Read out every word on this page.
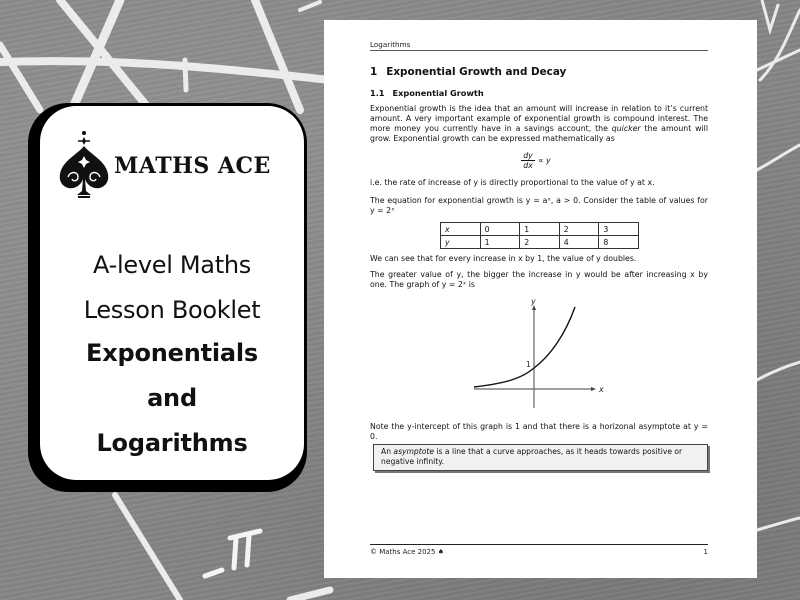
MATHS ACE
A-level Maths
Lesson Booklet
Exponentials
and
Logarithms
Logarithms
1 Exponential Growth and Decay
1.1 Exponential Growth
Exponential growth is the idea that an amount will increase in relation to it’s current amount. A very important example of exponential growth is compound interest. The more money you currently have in a savings account, the quicker the amount will grow. Exponential growth can be expressed mathematically as
dy
dx
∝ y
i.e. the rate of increase of y is directly proportional to the value of y at x.
The equation for exponential growth is y = aˣ, a > 0. Consider the table of values for y = 2ˣ
x	0	1	2	3
y	1	2	4	8
We can see that for every increase in x by 1, the value of y doubles.
The greater value of y, the bigger the increase in y would be after increasing x by one. The graph of y = 2ˣ is
x
y
1
Note the y-intercept of this graph is 1 and that there is a horizonal asymptote at y = 0.
An asymptote is a line that a curve approaches, as it heads towards positive or negative infinity.
© Maths Ace 2025 ♠	1
